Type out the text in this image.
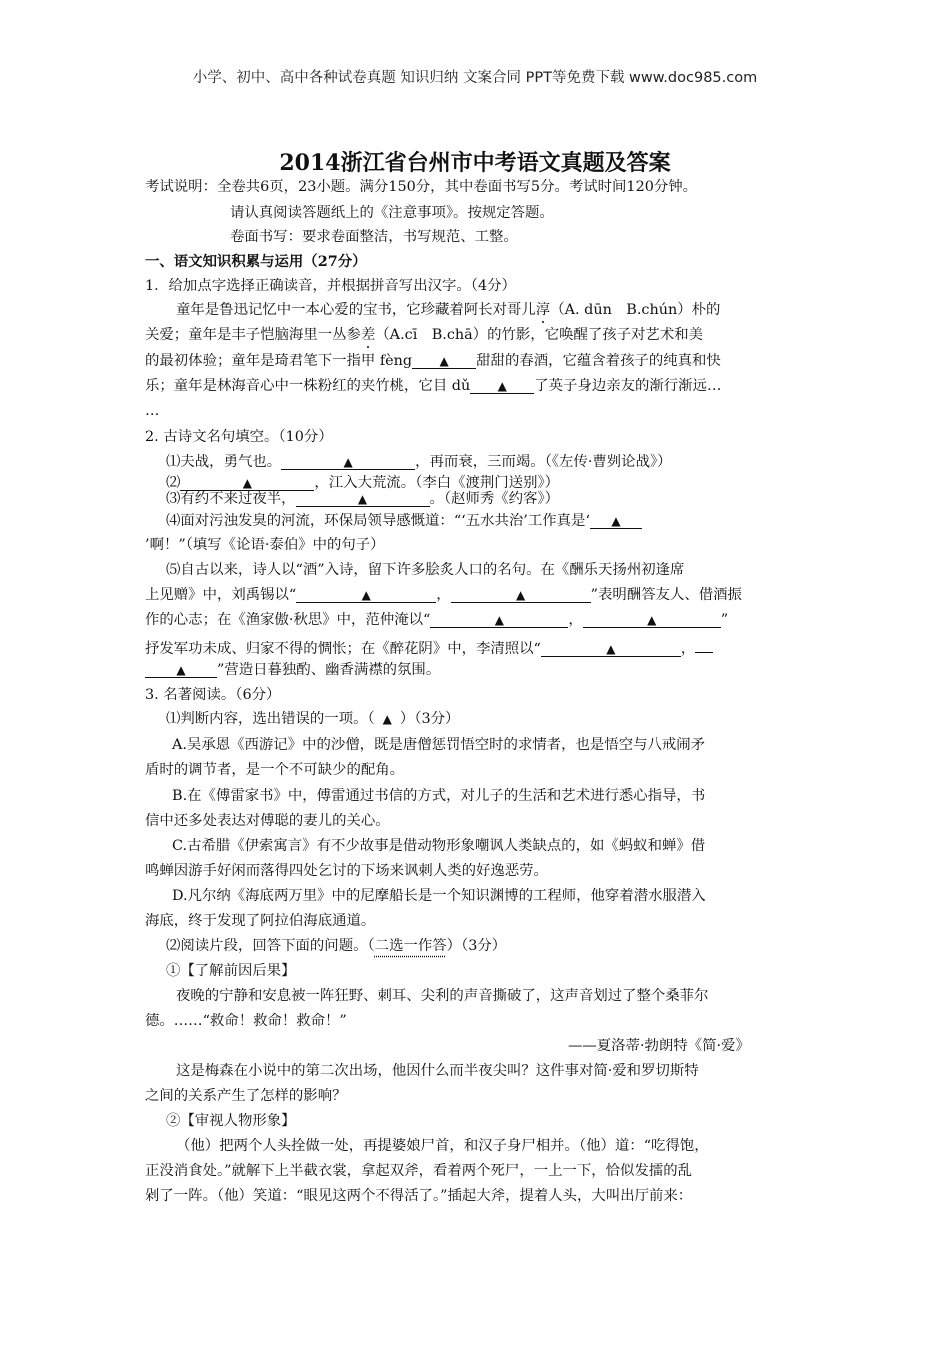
小学、初中、高中各种试卷真题 知识归纳 文案合同 PPT等免费下载 www.doc985.com
2014浙江省台州市中考语文真题及答案
考试说明：全卷共6页，23小题。满分150分，其中卷面书写5分。考试时间120分钟。
请认真阅读答题纸上的《注意事项》。按规定答题。
卷面书写：要求卷面整洁，书写规范、工整。
一、语文知识积累与运用（27分）
1．给加点字选择正确读音，并根据拼音写出汉字。（4分）
童年是鲁迅记忆中一本心爱的宝书，它珍藏着阿长对哥儿淳（A. dūn　B.chún）朴的
关爱；童年是丰子恺脑海里一丛参差（A.cī　B.chā）的竹影，它唤醒了孩子对艺术和美
的最初体验；童年是琦君笔下一指甲 fèng ▲ 甜甜的春酒，它蕴含着孩子的纯真和快
乐；童年是林海音心中一株粉红的夹竹桃，它目 dǔ ▲ 了英子身边亲友的渐行渐远…
…
2. 古诗文名句填空。（10分）
⑴夫战，勇气也。	▲	，再而衰，三而竭。（《左传·曹刿论战》）
⑵	▲	，江入大荒流。（李白《渡荆门送别》）
⑶有约不来过夜半，	▲	。（赵师秀《约客》）
⑷面对污浊发臭的河流，环保局领导感慨道：“‘五水共治’工作真是‘ ▲
’啊！”（填写《论语·泰伯》中的句子）
⑸自古以来，诗人以“酒”入诗，留下许多脍炙人口的名句。在《酬乐天扬州初逢席
上见赠》中，刘禹锡以“	▲	，	▲	”表明酬答友人、借酒振
作的心志；在《渔家傲·秋思》中，范仲淹以“	▲	，	▲	”
抒发军功未成、归家不得的惆怅；在《醉花阴》中，李清照以“	▲	，
▲ ”营造日暮独酌、幽香满襟的氛围。
3. 名著阅读。（6分）
⑴判断内容，选出错误的一项。（ ▲ ）（3分）
A.吴承恩《西游记》中的沙僧，既是唐僧惩罚悟空时的求情者，也是悟空与八戒闹矛
盾时的调节者，是一个不可缺少的配角。
B.在《傅雷家书》中，傅雷通过书信的方式，对儿子的生活和艺术进行悉心指导，书
信中还多处表达对傅聪的妻儿的关心。
C.古希腊《伊索寓言》有不少故事是借动物形象嘲讽人类缺点的，如《蚂蚁和蝉》借
鸣蝉因游手好闲而落得四处乞讨的下场来讽刺人类的好逸恶劳。
D.凡尔纳《海底两万里》中的尼摩船长是一个知识渊博的工程师，他穿着潜水服潜入
海底，终于发现了阿拉伯海底通道。
⑵阅读片段，回答下面的问题。（二选一作答）（3分）
①【了解前因后果】
夜晚的宁静和安息被一阵狂野、刺耳、尖利的声音撕破了，这声音划过了整个桑菲尔
德。……“救命！救命！救命！”
——夏洛蒂·勃朗特《简·爱》
这是梅森在小说中的第二次出场，他因什么而半夜尖叫？这件事对简·爱和罗切斯特
之间的关系产生了怎样的影响？
②【审视人物形象】
（他）把两个人头拴做一处，再提婆娘尸首，和汉子身尸相并。（他）道：“吃得饱，
正没消食处。”就解下上半截衣裳，拿起双斧，看着两个死尸，一上一下，恰似发擂的乱
剁了一阵。（他）笑道：“眼见这两个不得活了。”插起大斧，提着人头，大叫出厅前来：
